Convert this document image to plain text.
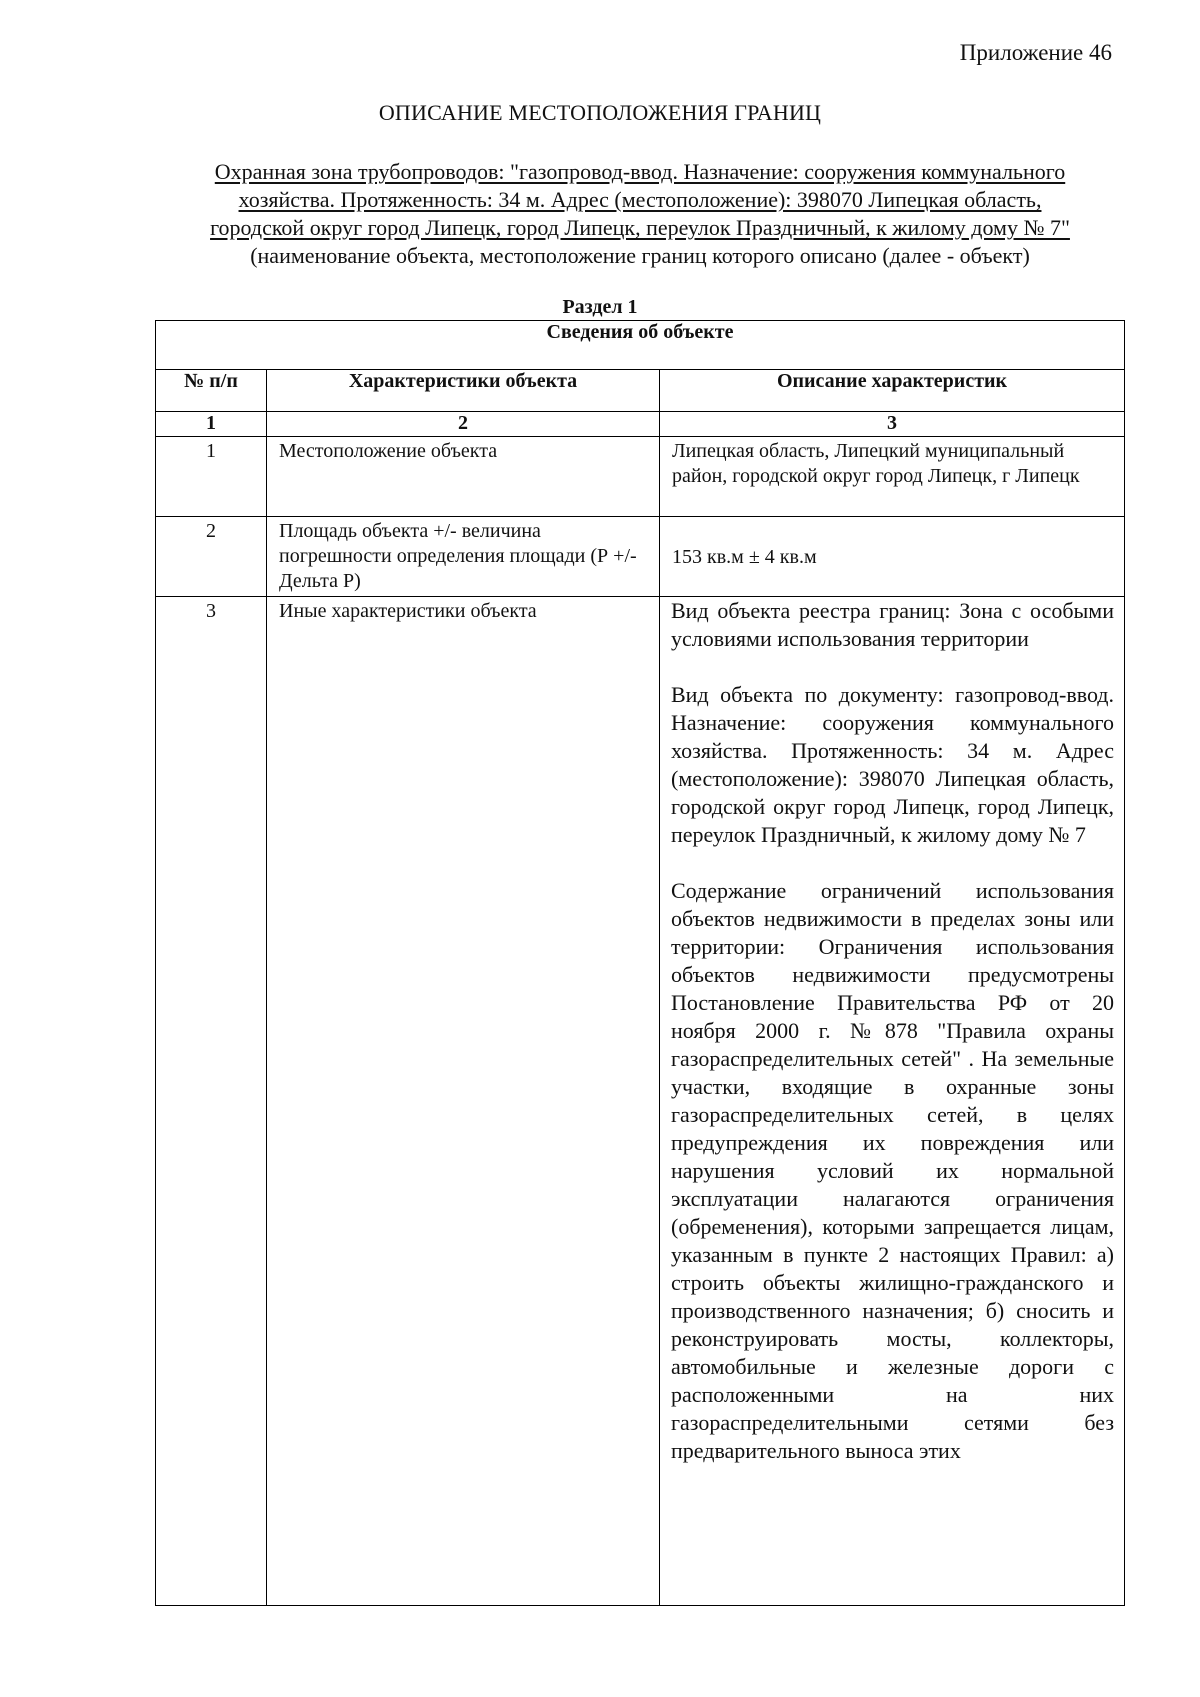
Приложение 46
ОПИСАНИЕ МЕСТОПОЛОЖЕНИЯ ГРАНИЦ
Охранная зона трубопроводов: "газопровод-ввод. Назначение: сооружения коммунального
хозяйства. Протяженность: 34 м. Адрес (местоположение): 398070 Липецкая область,
городской округ город Липецк, город Липецк, переулок Праздничный, к жилому дому № 7"
(наименование объекта, местоположение границ которого описано (далее - объект)
Раздел 1
Сведения об объекте		
№ п/п	Характеристики объекта	Описание характеристик
1	2	3
1	Местоположение объекта	Липецкая область, Липецкий муниципальный район, городской округ город Липецк, г Липецк
2	Площадь объекта +/- величина погрешности определения площади (Р +/- Дельта Р)	153 кв.м ± 4 кв.м
3	Иные характеристики объекта	Вид объекта реестра границ: Зона с особыми условиями использования территории

Вид объекта по документу: газопровод-ввод. Назначение: сооружения коммунального хозяйства. Протяженность: 34 м. Адрес (местоположение): 398070 Липецкая область, городской округ город Липецк, город Липецк, переулок Праздничный, к жилому дому № 7

Содержание ограничений использования объектов недвижимости в пределах зоны или территории: Ограничения использования объектов недвижимости предусмотрены Постановление Правительства РФ от 20 ноября 2000 г. №878 "Правила охраны газораспределительных сетей" . На земельные участки, входящие в охранные зоны газораспределительных сетей, в целях предупреждения их повреждения или нарушения условий их нормальной эксплуатации налагаются ограничения (обременения), которыми запрещается лицам, указанным в пункте 2 настоящих Правил: а) строить объекты жилищно-гражданского и производственного назначения; б) сносить и реконструировать мосты, коллекторы, автомобильные и железные дороги с расположенными на них газораспределительными сетями без предварительного выноса этих
